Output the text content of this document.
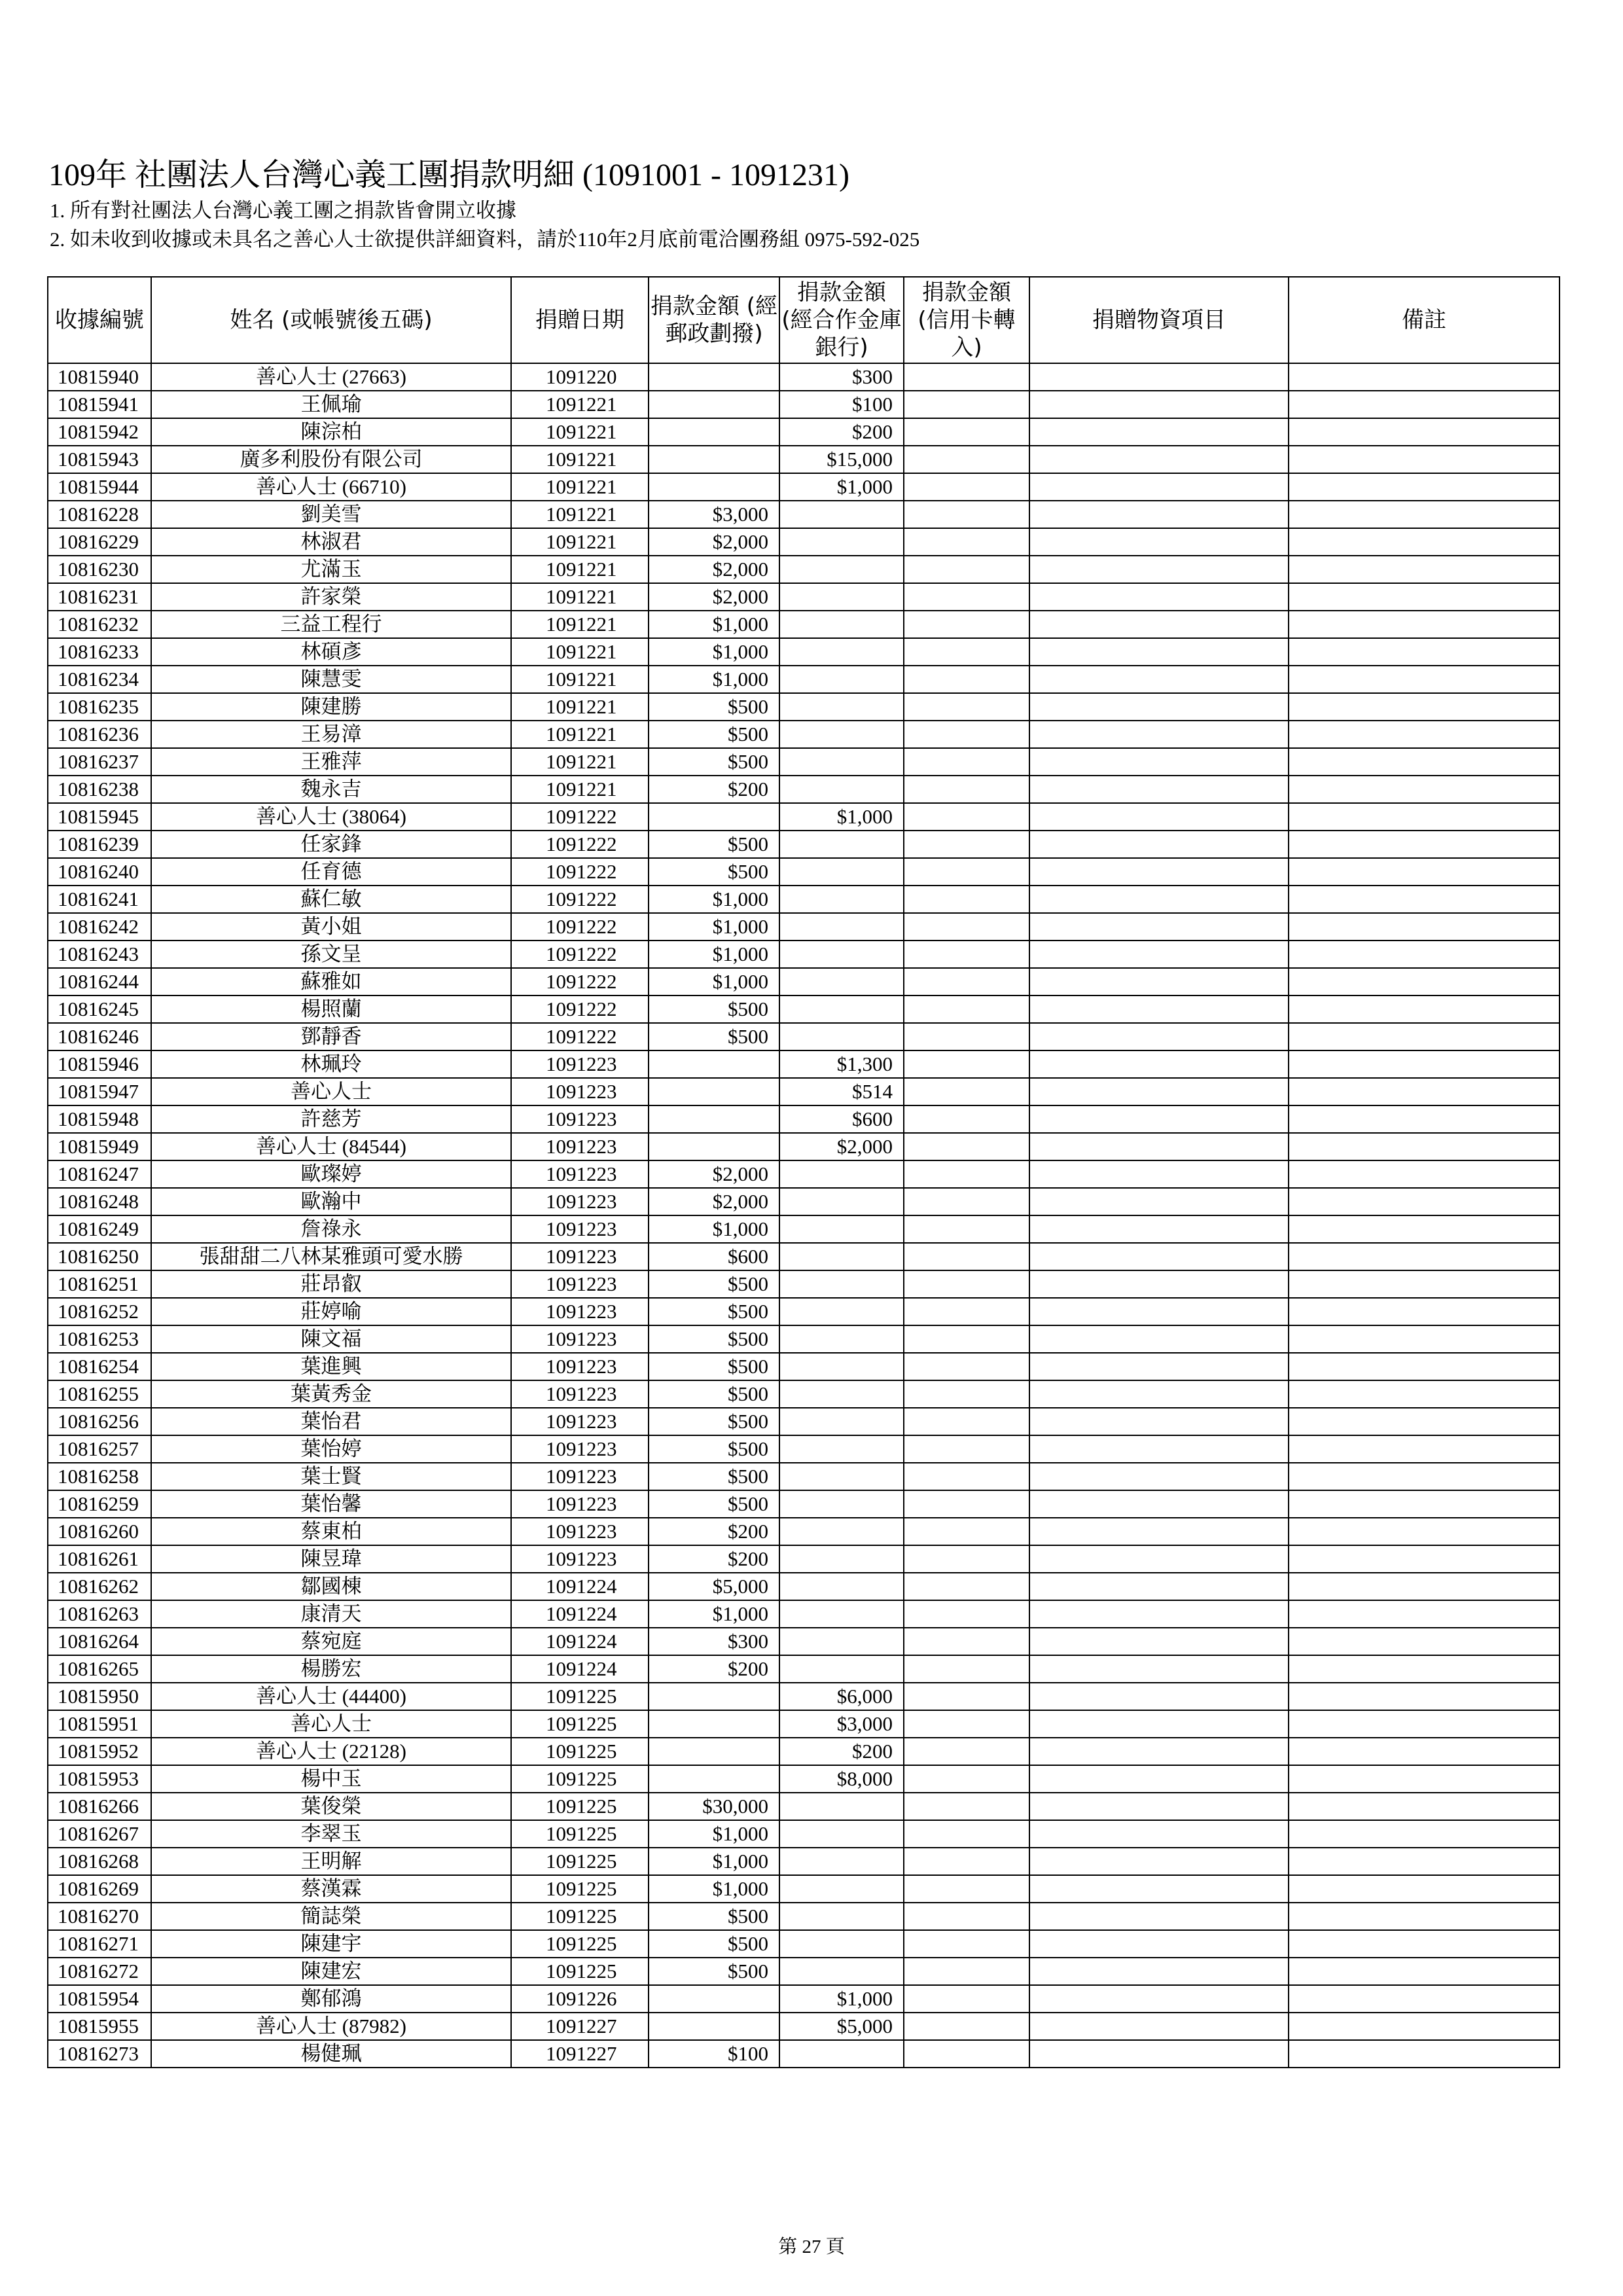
109年 社團法人台灣心義工團捐款明細 (1091001 - 1091231)
1. 所有對社團法人台灣心義工團之捐款皆會開立收據
2. 如未收到收據或未具名之善心人士欲提供詳細資料，請於110年2月底前電洽團務組 0975-592-025
收據編號	姓名 (或帳號後五碼)	捐贈日期	捐款金額 (經郵政劃撥)	捐款金額 (經合作金庫銀行)	捐款金額 (信用卡轉入)	捐贈物資項目	備註
10815940	善心人士 (27663)	1091220		$300			
10815941	王佩瑜	1091221		$100			
10815942	陳淙柏	1091221		$200			
10815943	廣多利股份有限公司	1091221		$15,000			
10815944	善心人士 (66710)	1091221		$1,000			
10816228	劉美雪	1091221	$3,000				
10816229	林淑君	1091221	$2,000				
10816230	尤滿玉	1091221	$2,000				
10816231	許家榮	1091221	$2,000				
10816232	三益工程行	1091221	$1,000				
10816233	林碩彥	1091221	$1,000				
10816234	陳慧雯	1091221	$1,000				
10816235	陳建勝	1091221	$500				
10816236	王易漳	1091221	$500				
10816237	王雅萍	1091221	$500				
10816238	魏永吉	1091221	$200				
10815945	善心人士 (38064)	1091222		$1,000			
10816239	任家鋒	1091222	$500				
10816240	任育德	1091222	$500				
10816241	蘇仁敏	1091222	$1,000				
10816242	黃小姐	1091222	$1,000				
10816243	孫文呈	1091222	$1,000				
10816244	蘇雅如	1091222	$1,000				
10816245	楊照蘭	1091222	$500				
10816246	鄧靜香	1091222	$500				
10815946	林珮玲	1091223		$1,300			
10815947	善心人士	1091223		$514			
10815948	許慈芳	1091223		$600			
10815949	善心人士 (84544)	1091223		$2,000			
10816247	歐璨婷	1091223	$2,000				
10816248	歐瀚中	1091223	$2,000				
10816249	詹祿永	1091223	$1,000				
10816250	張甜甜二八林某雅頭可愛水勝	1091223	$600				
10816251	莊昂叡	1091223	$500				
10816252	莊婷喻	1091223	$500				
10816253	陳文福	1091223	$500				
10816254	葉進興	1091223	$500				
10816255	葉黃秀金	1091223	$500				
10816256	葉怡君	1091223	$500				
10816257	葉怡婷	1091223	$500				
10816258	葉士賢	1091223	$500				
10816259	葉怡馨	1091223	$500				
10816260	蔡東柏	1091223	$200				
10816261	陳昱瑋	1091223	$200				
10816262	鄒國棟	1091224	$5,000				
10816263	康清天	1091224	$1,000				
10816264	蔡宛庭	1091224	$300				
10816265	楊勝宏	1091224	$200				
10815950	善心人士 (44400)	1091225		$6,000			
10815951	善心人士	1091225		$3,000			
10815952	善心人士 (22128)	1091225		$200			
10815953	楊中玉	1091225		$8,000			
10816266	葉俊榮	1091225	$30,000				
10816267	李翠玉	1091225	$1,000				
10816268	王明解	1091225	$1,000				
10816269	蔡漢霖	1091225	$1,000				
10816270	簡誌榮	1091225	$500				
10816271	陳建宇	1091225	$500				
10816272	陳建宏	1091225	$500				
10815954	鄭郁鴻	1091226		$1,000			
10815955	善心人士 (87982)	1091227		$5,000			
10816273	楊健珮	1091227	$100				
第 27 頁
